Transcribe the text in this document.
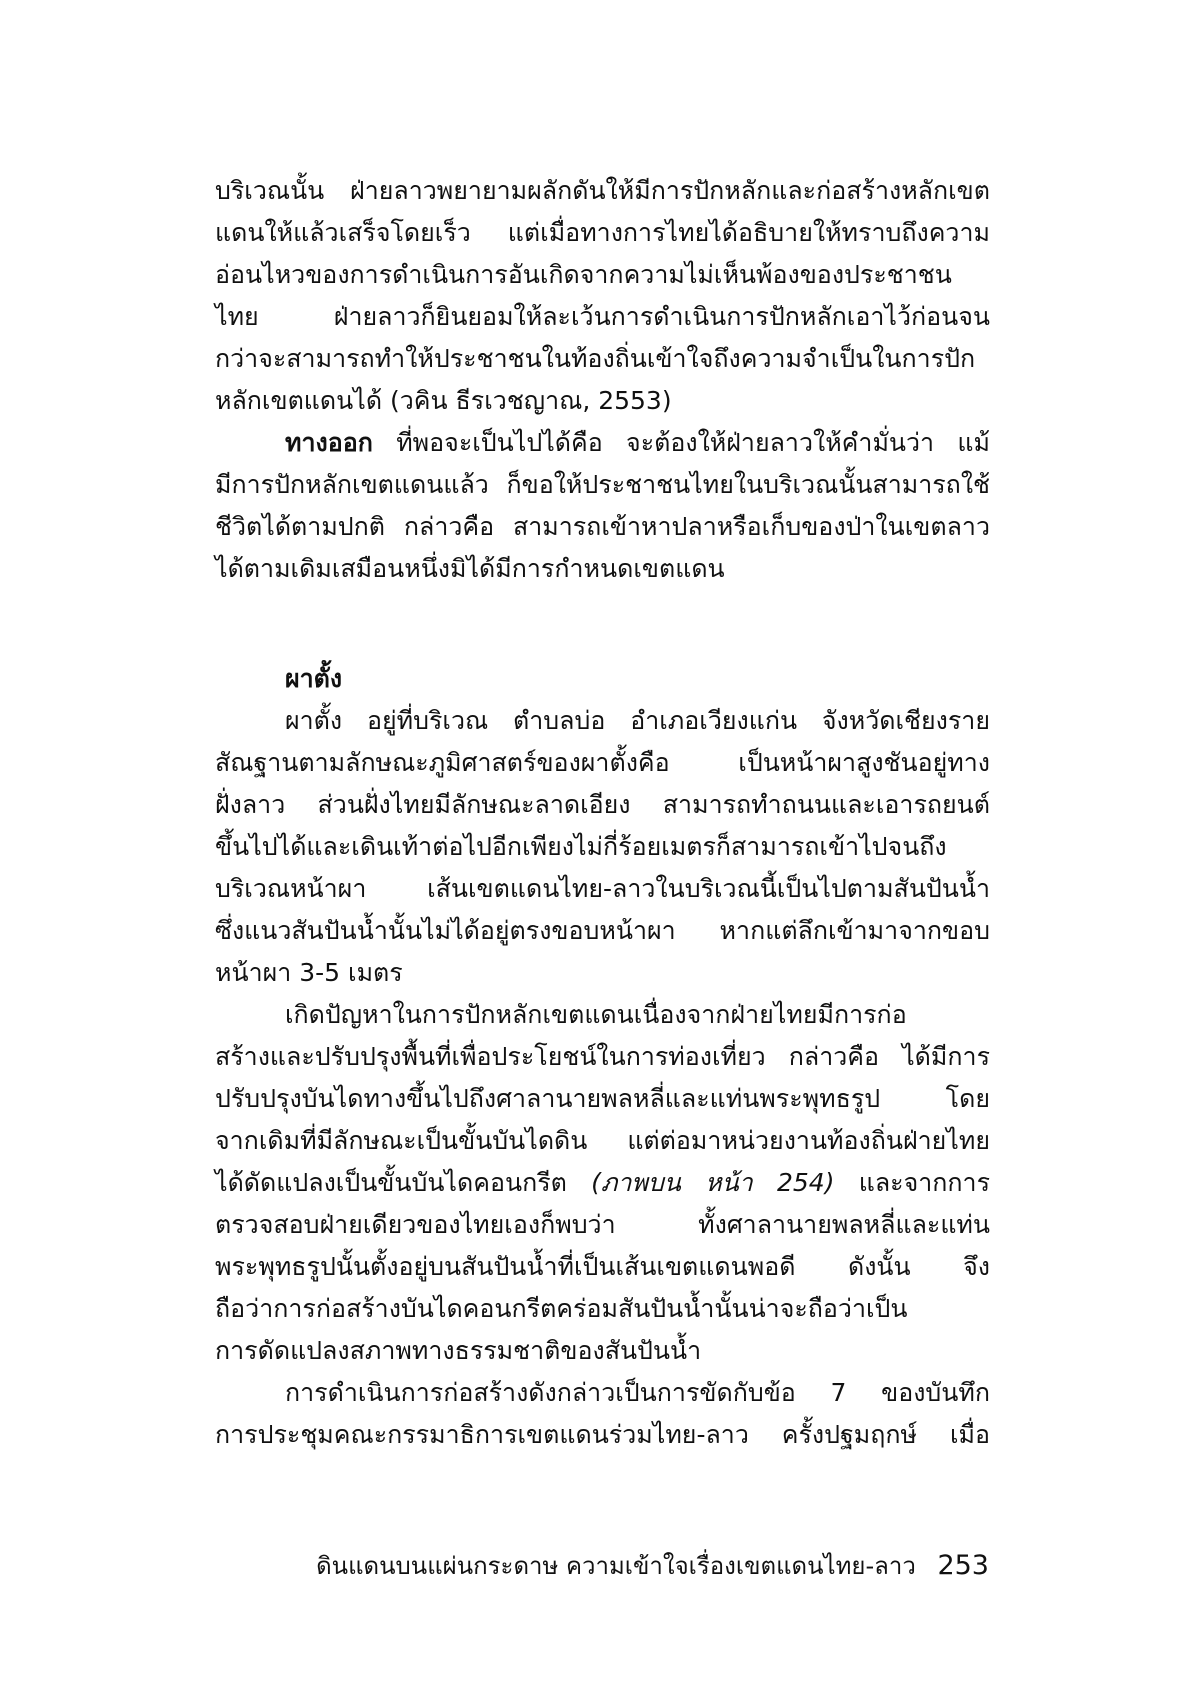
บริเวณนั้น ฝ่ายลาวพยายามผลักดันให้มีการปักหลักและก่อสร้างหลักเขต
แดนให้แล้วเสร็จโดยเร็ว แต่เมื่อทางการไทยได้อธิบายให้ทราบถึงความ
อ่อนไหวของการดำเนินการอันเกิดจากความไม่เห็นพ้องของประชาชน
ไทย ฝ่ายลาวก็ยินยอมให้ละเว้นการดำเนินการปักหลักเอาไว้ก่อนจน
กว่าจะสามารถทำให้ประชาชนในท้องถิ่นเข้าใจถึงความจำเป็นในการปัก
หลักเขตแดนได้ (วคิน ธีรเวชญาณ, 2553)
ทางออก ที่พอจะเป็นไปได้คือ จะต้องให้ฝ่ายลาวให้คำมั่นว่า แม้
มีการปักหลักเขตแดนแล้ว ก็ขอให้ประชาชนไทยในบริเวณนั้นสามารถใช้
ชีวิตได้ตามปกติ กล่าวคือ สามารถเข้าหาปลาหรือเก็บของป่าในเขตลาว
ได้ตามเดิมเสมือนหนึ่งมิได้มีการกำหนดเขตแดน
ผาตั้ง
ผาตั้ง อยู่ที่บริเวณ ตำบลบ่อ อำเภอเวียงแก่น จังหวัดเชียงราย
สัณฐานตามลักษณะภูมิศาสตร์ของผาตั้งคือ เป็นหน้าผาสูงชันอยู่ทาง
ฝั่งลาว ส่วนฝั่งไทยมีลักษณะลาดเอียง สามารถทำถนนและเอารถยนต์
ขึ้นไปได้และเดินเท้าต่อไปอีกเพียงไม่กี่ร้อยเมตรก็สามารถเข้าไปจนถึง
บริเวณหน้าผา เส้นเขตแดนไทย-ลาวในบริเวณนี้เป็นไปตามสันปันน้ำ
ซึ่งแนวสันปันน้ำนั้นไม่ได้อยู่ตรงขอบหน้าผา หากแต่ลึกเข้ามาจากขอบ
หน้าผา 3-5 เมตร
เกิดปัญหาในการปักหลักเขตแดนเนื่องจากฝ่ายไทยมีการก่อ
สร้างและปรับปรุงพื้นที่เพื่อประโยชน์ในการท่องเที่ยว กล่าวคือ ได้มีการ
ปรับปรุงบันไดทางขึ้นไปถึงศาลานายพลหลี่และแท่นพระพุทธรูป โดย
จากเดิมที่มีลักษณะเป็นขั้นบันไดดิน แต่ต่อมาหน่วยงานท้องถิ่นฝ่ายไทย
ได้ดัดแปลงเป็นขั้นบันไดคอนกรีต (ภาพบน หน้า 254) และจากการ
ตรวจสอบฝ่ายเดียวของไทยเองก็พบว่า ทั้งศาลานายพลหลี่และแท่น
พระพุทธรูปนั้นตั้งอยู่บนสันปันน้ำที่เป็นเส้นเขตแดนพอดี ดังนั้น จึง
ถือว่าการก่อสร้างบันไดคอนกรีตคร่อมสันปันน้ำนั้นน่าจะถือว่าเป็น
การดัดแปลงสภาพทางธรรมชาติของสันปันน้ำ
การดำเนินการก่อสร้างดังกล่าวเป็นการขัดกับข้อ 7 ของบันทึก
การประชุมคณะกรรมาธิการเขตแดนร่วมไทย-ลาว ครั้งปฐมฤกษ์ เมื่อ
ดินแดนบนแผ่นกระดาษ ความเข้าใจเรื่องเขตแดนไทย-ลาว 253
